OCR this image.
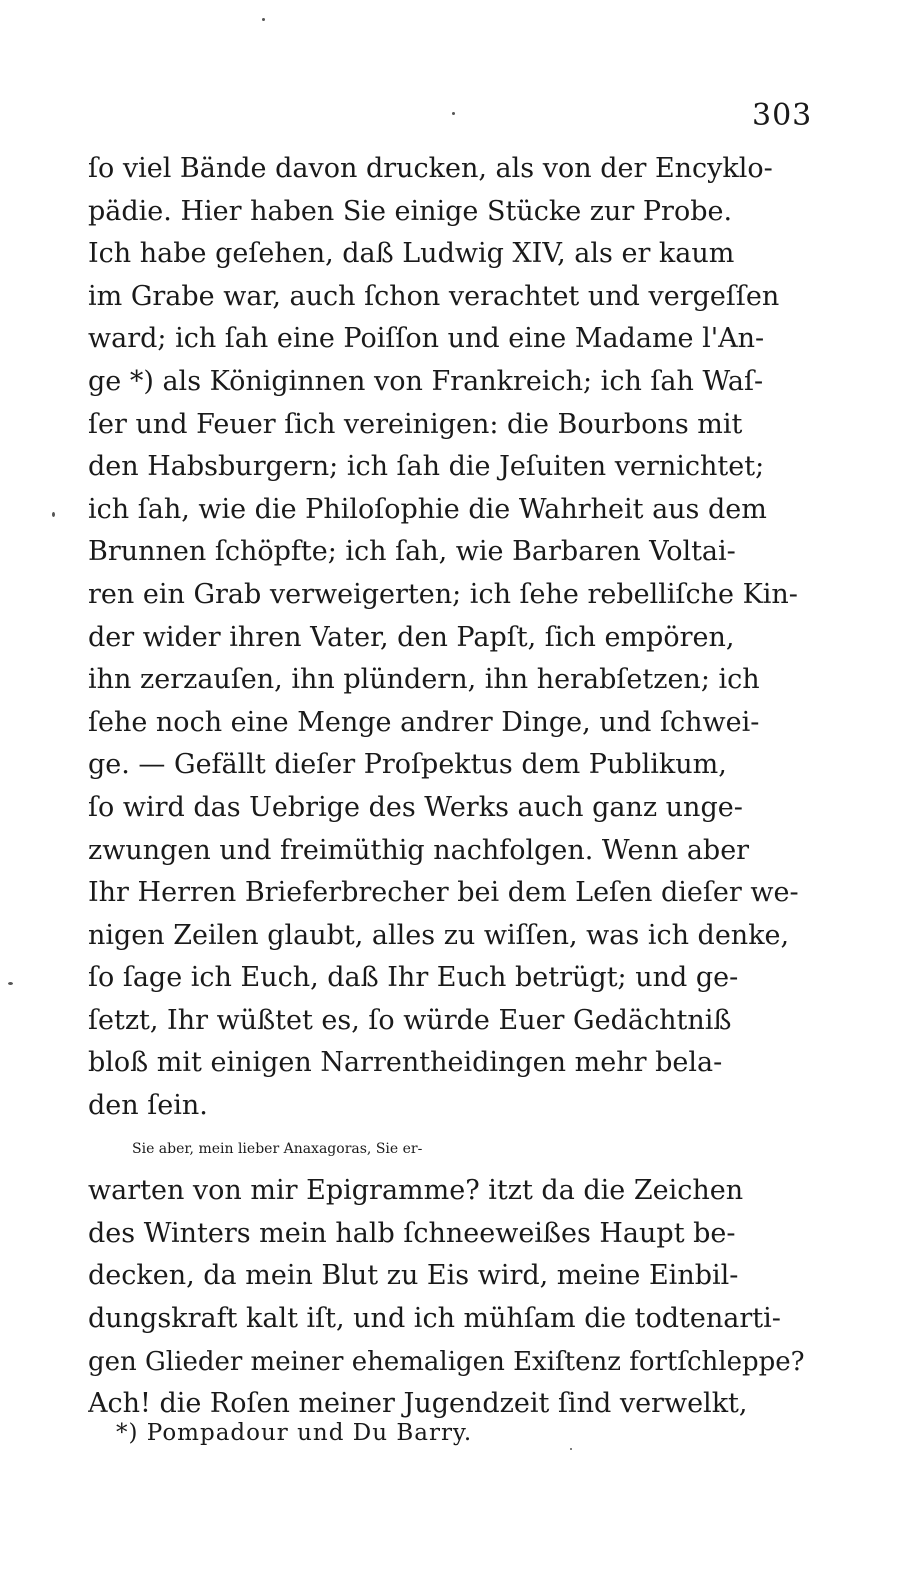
303
ſo viel Bände davon drucken, als von der Encyklo-
pädie. Hier haben Sie einige Stücke zur Probe.
Ich habe geſehen, daß Ludwig XIV, als er kaum
im Grabe war, auch ſchon verachtet und vergeſſen
ward; ich ſah eine Poiſſon und eine Madame l'An-
ge *) als Königinnen von Frankreich; ich ſah Waſ-
ſer und Feuer ſich vereinigen: die Bourbons mit
den Habsburgern; ich ſah die Jeſuiten vernichtet;
ich ſah, wie die Philoſophie die Wahrheit aus dem
Brunnen ſchöpfte; ich ſah, wie Barbaren Voltai-
ren ein Grab verweigerten; ich ſehe rebelliſche Kin-
der wider ihren Vater, den Papſt, ſich empören,
ihn zerzauſen, ihn plündern, ihn herabſetzen; ich
ſehe noch eine Menge andrer Dinge, und ſchwei-
ge. — Gefällt dieſer Proſpektus dem Publikum,
ſo wird das Uebrige des Werks auch ganz unge-
zwungen und freimüthig nachfolgen. Wenn aber
Ihr Herren Brieferbrecher bei dem Leſen dieſer we-
nigen Zeilen glaubt, alles zu wiſſen, was ich denke,
ſo ſage ich Euch, daß Ihr Euch betrügt; und ge-
ſetzt, Ihr wüßtet es, ſo würde Euer Gedächtniß
bloß mit einigen Narrentheidingen mehr bela-
den ſein.
Sie aber, mein lieber Anaxagoras, Sie er-
warten von mir Epigramme? itzt da die Zeichen
des Winters mein halb ſchneeweißes Haupt be-
decken, da mein Blut zu Eis wird, meine Einbil-
dungskraft kalt iſt, und ich mühſam die todtenarti-
gen Glieder meiner ehemaligen Exiſtenz fortſchleppe?
Ach! die Roſen meiner Jugendzeit ſind verwelkt,
*) Pompadour und Du Barry.
